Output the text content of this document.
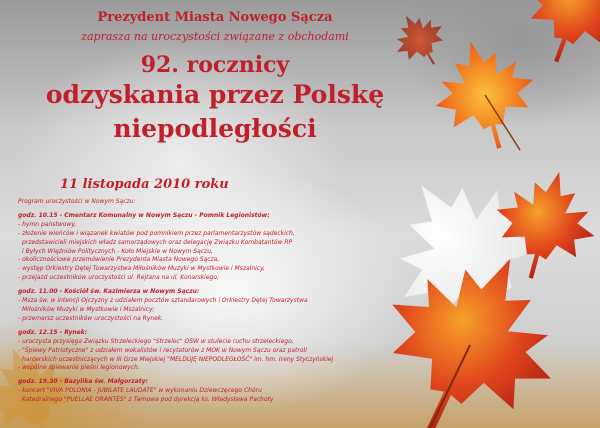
Prezydent Miasta Nowego Sącza

zaprasza na uroczystości związane z obchodami

92. rocznicy

odzyskania przez Polskę

niepodległości

11 listopada 2010 roku

Program uroczystości w Nowym Sączu:

godz. 10.15 - Cmentarz Komunalny w Nowym Sączu - Pomnik Legionistów:

- hymn państwowy,

- złożenie wieńców i wiązanek kwiatów pod pomnikiem przez parlamentarzystów sądeckich,

przedstawicieli miejskich władz samorządowych oraz delegację Związku Kombatantów RP

i Byłych Więźniów Politycznych - Koło Miejskie w Nowym Sączu,

- okolicznościowe przemówienie Prezydenta Miasta Nowego Sącza,

- występ Orkiestry Dętej Towarzystwa Miłośników Muzyki w Mystkowie i Mszalnicy,

- przejazd uczestników uroczystości ul. Rejtana na ul. Konarskiego;

godz. 11.00 - Kościół św. Kazimierza w Nowym Sączu:

- Msza św. w intencji Ojczyzny z udziałem pocztów sztandarowych i Orkiestry Dętej Towarzystwa

Miłośników Muzyki w Mystkowie i Mszalnicy;

- przemarsz uczestników uroczystości na Rynek.

godz. 12.15 - Rynek:

- uroczysta przysięga Związku Strzeleckiego "Strzelec" OSW w stulecie ruchu strzeleckiego,

- "Śpiewy Patriotyczne" z udziałem wokalistów i recytatorów z MOK w Nowym Sączu oraz patroli

harcerskich uczestniczących w III Grze Miejskiej "MELDUJĘ NIEPODLEGŁOŚĆ" im. hm. Ireny Styczyńskiej

- wspólne śpiewanie pieśni legionowych.

godz. 19.30 - Bazylika św. Małgorzaty:

- koncert "VIVA POLONIA - JUBILATE LAUDATE" w wykonaniu Dziewczęcego Chóru

Katedralnego "PUELLAE ORANTES" z Tarnowa pod dyrekcją ks. Władysława Pachoty
